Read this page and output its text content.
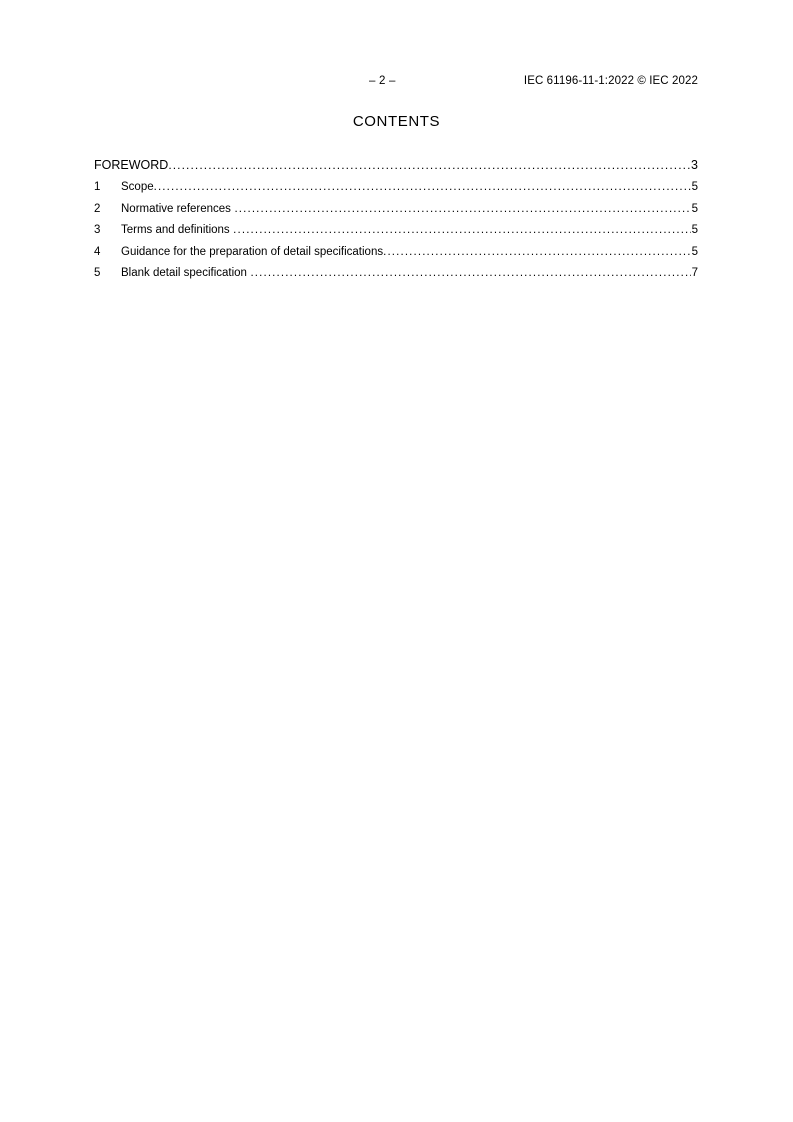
– 2 –	IEC 61196-11-1:2022 © IEC 2022
CONTENTS
FOREWORD .....	3
1	Scope .....	5
2	Normative references .....	5
3	Terms and definitions .....	5
4	Guidance for the preparation of detail specifications .....	5
5	Blank detail specification .....	7
